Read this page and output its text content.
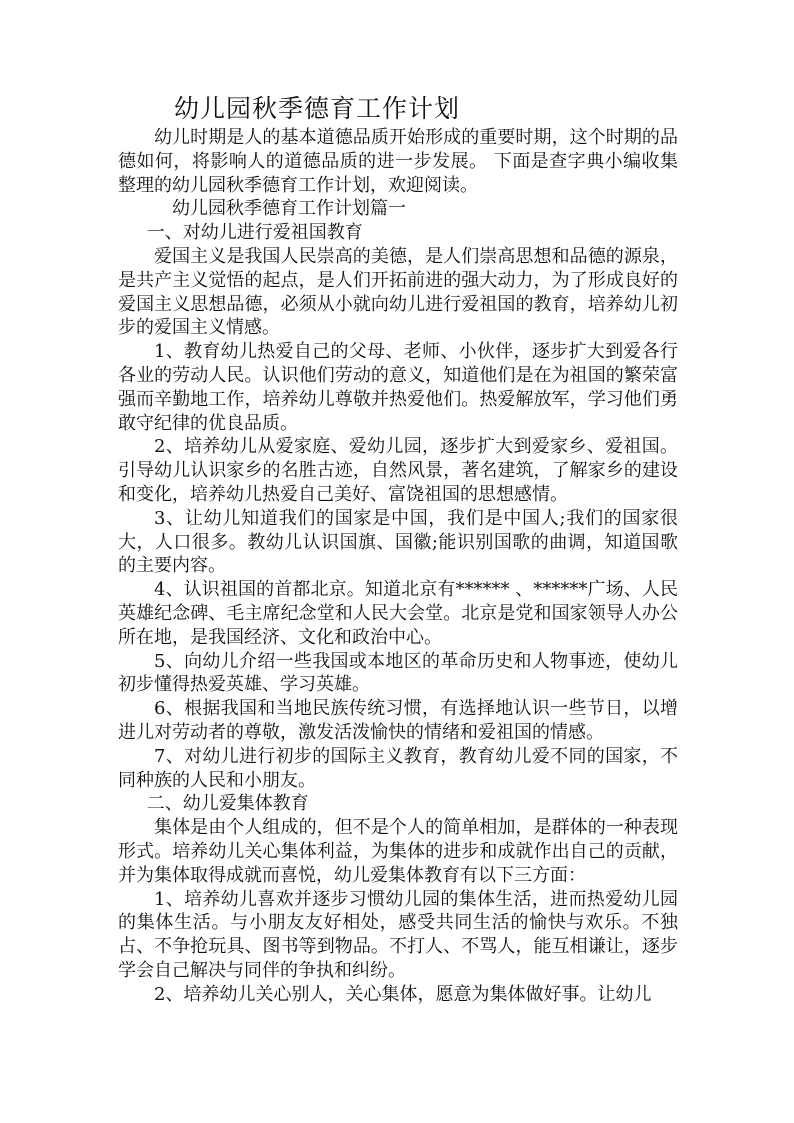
幼儿园秋季德育工作计划

幼儿时期是人的基本道德品质开始形成的重要时期，这个时期的品德如何，将影响人的道德品质的进一步发展。 下面是查字典小编收集整理的幼儿园秋季德育工作计划，欢迎阅读。

幼儿园秋季德育工作计划篇一

一、对幼儿进行爱祖国教育

爱国主义是我国人民崇高的美德，是人们崇高思想和品德的源泉，是共产主义觉悟的起点，是人们开拓前进的强大动力，为了形成良好的爱国主义思想品德，必须从小就向幼儿进行爱祖国的教育，培养幼儿初步的爱国主义情感。

1、教育幼儿热爱自己的父母、老师、小伙伴，逐步扩大到爱各行各业的劳动人民。认识他们劳动的意义，知道他们是在为祖国的繁荣富强而辛勤地工作，培养幼儿尊敬并热爱他们。热爱解放军，学习他们勇敢守纪律的优良品质。

2、培养幼儿从爱家庭、爱幼儿园，逐步扩大到爱家乡、爱祖国。引导幼儿认识家乡的名胜古迹，自然风景，著名建筑，了解家乡的建设和变化，培养幼儿热爱自己美好、富饶祖国的思想感情。

3、让幼儿知道我们的国家是中国，我们是中国人;我们的国家很大，人口很多。教幼儿认识国旗、国徽;能识别国歌的曲调，知道国歌的主要内容。

4、认识祖国的首都北京。知道北京有****** 、******广场、人民英雄纪念碑、毛主席纪念堂和人民大会堂。北京是党和国家领导人办公所在地，是我国经济、文化和政治中心。

5、向幼儿介绍一些我国或本地区的革命历史和人物事迹，使幼儿初步懂得热爱英雄、学习英雄。

6、根据我国和当地民族传统习惯，有选择地认识一些节日，以增进儿对劳动者的尊敬，激发活泼愉快的情绪和爱祖国的情感。

7、对幼儿进行初步的国际主义教育，教育幼儿爱不同的国家，不同种族的人民和小朋友。

二、幼儿爱集体教育

集体是由个人组成的，但不是个人的简单相加，是群体的一种表现形式。培养幼儿关心集体利益，为集体的进步和成就作出自己的贡献，并为集体取得成就而喜悦，幼儿爱集体教育有以下三方面：

1、培养幼儿喜欢并逐步习惯幼儿园的集体生活，进而热爱幼儿园的集体生活。与小朋友友好相处，感受共同生活的愉快与欢乐。不独占、不争抢玩具、图书等到物品。不打人、不骂人，能互相谦让，逐步学会自己解决与同伴的争执和纠纷。

2、培养幼儿关心别人，关心集体，愿意为集体做好事。让幼儿
